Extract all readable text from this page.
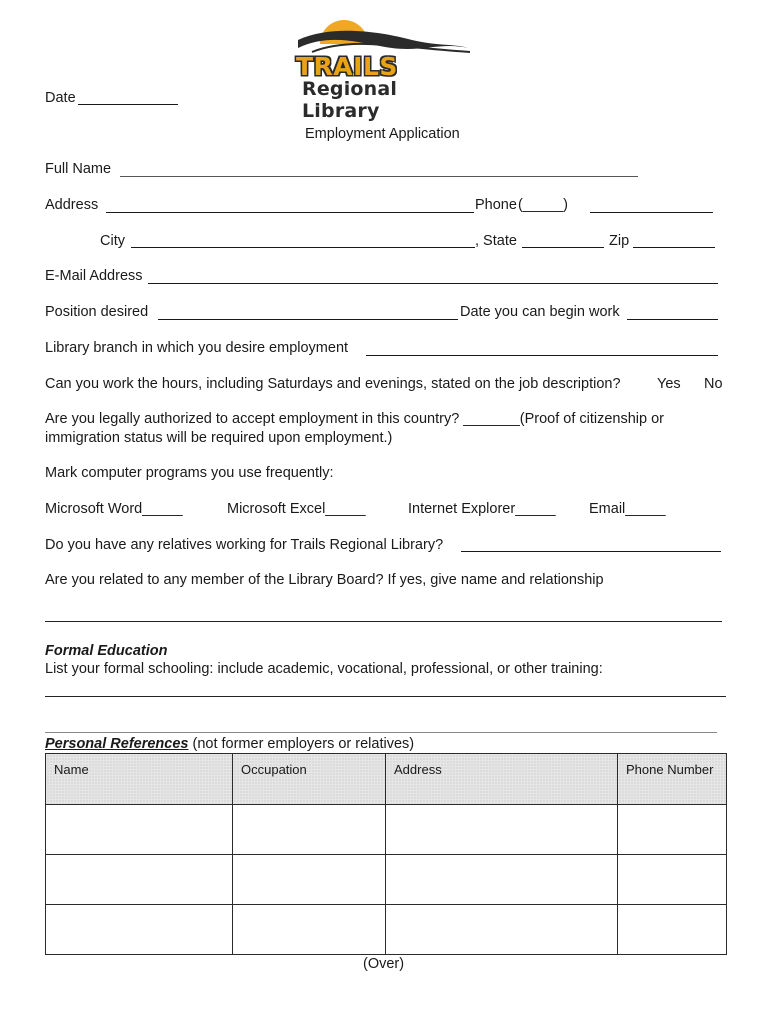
TRAILS
Regional Library
Date
Employment Application
Full Name
Address	Phone (_____)
City	, State	Zip
E-Mail Address
Position desired	Date you can begin work
Library branch in which you desire employment
Can you work the hours, including Saturdays and evenings, stated on the job description?	Yes No
Are you legally authorized to accept employment in this country? _______(Proof of citizenship or
immigration status will be required upon employment.)
Mark computer programs you use frequently:
Microsoft Word_____	Microsoft Excel_____	Internet Explorer_____ Email_____
Do you have any relatives working for Trails Regional Library?
Are you related to any member of the Library Board? If yes, give name and relationship
Formal Education
List your formal schooling: include academic, vocational, professional, or other training:
Personal References (not former employers or relatives)
Name	Occupation	Address	Phone Number

(Over)
